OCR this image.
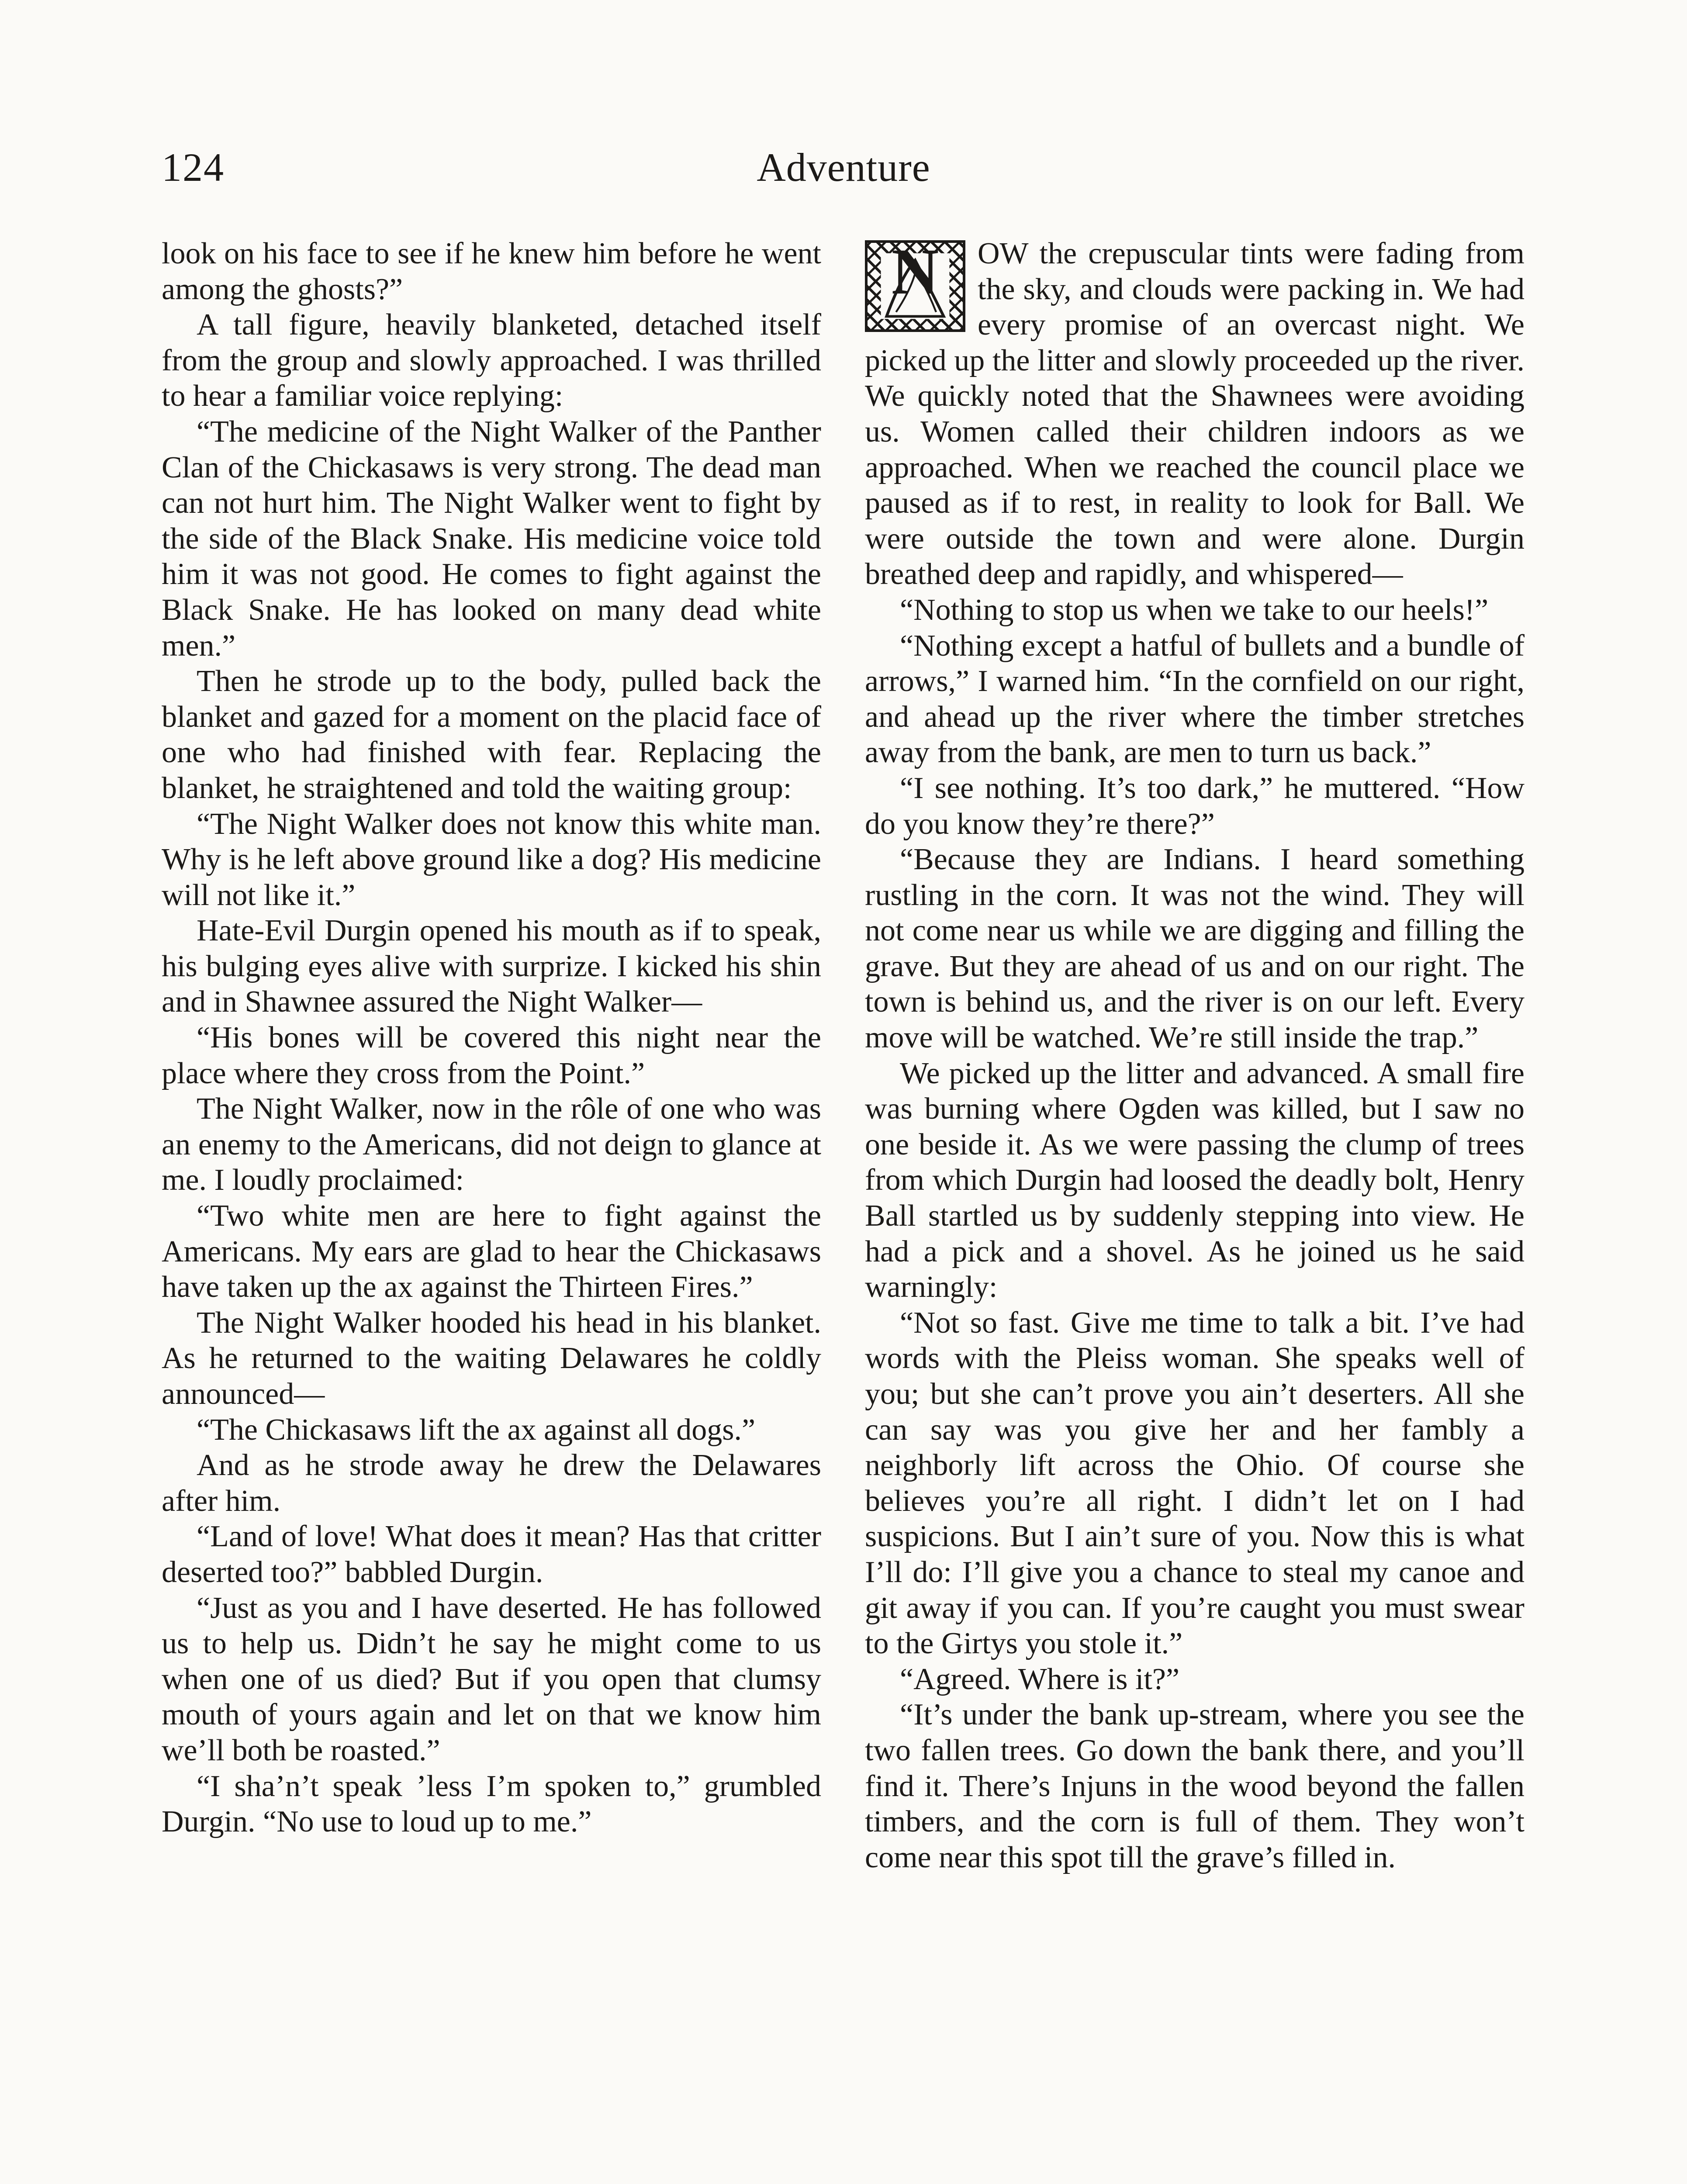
124	Adventure

look on his face to see if he knew him before he went among the ghosts?”

A tall figure, heavily blanketed, detached itself from the group and slowly approached. I was thrilled to hear a familiar voice replying:

“The medicine of the Night Walker of the Panther Clan of the Chickasaws is very strong. The dead man can not hurt him. The Night Walker went to fight by the side of the Black Snake. His medicine voice told him it was not good. He comes to fight against the Black Snake. He has looked on many dead white men.”

Then he strode up to the body, pulled back the blanket and gazed for a moment on the placid face of one who had finished with fear. Replacing the blanket, he straightened and told the waiting group:

“The Night Walker does not know this white man. Why is he left above ground like a dog? His medicine will not like it.”

Hate-Evil Durgin opened his mouth as if to speak, his bulging eyes alive with surprize. I kicked his shin and in Shawnee assured the Night Walker—

“His bones will be covered this night near the place where they cross from the Point.”

The Night Walker, now in the rôle of one who was an enemy to the Americans, did not deign to glance at me. I loudly proclaimed:

“Two white men are here to fight against the Americans. My ears are glad to hear the Chickasaws have taken up the ax against the Thirteen Fires.”

The Night Walker hooded his head in his blanket. As he returned to the waiting Delawares he coldly announced—

“The Chickasaws lift the ax against all dogs.”

And as he strode away he drew the Delawares after him.

“Land of love! What does it mean? Has that critter deserted too?” babbled Durgin.

“Just as you and I have deserted. He has followed us to help us. Didn’t he say he might come to us when one of us died? But if you open that clumsy mouth of yours again and let on that we know him we’ll both be roasted.”

“I sha’n’t speak ’less I’m spoken to,” grumbled Durgin. “No use to loud up to me.”

N	OW the crepuscular tints were fading from the sky, and clouds were packing in. We had every promise of an overcast night. We picked up the litter and slowly proceeded up the river. We quickly noted that the Shawnees were avoiding us. Women called their children indoors as we approached. When we reached the council place we paused as if to rest, in reality to look for Ball. We were outside the town and were alone. Durgin breathed deep and rapidly, and whispered—

“Nothing to stop us when we take to our heels!”

“Nothing except a hatful of bullets and a bundle of arrows,” I warned him. “In the cornfield on our right, and ahead up the river where the timber stretches away from the bank, are men to turn us back.”

“I see nothing. It’s too dark,” he muttered. “How do you know they’re there?”

“Because they are Indians. I heard something rustling in the corn. It was not the wind. They will not come near us while we are digging and filling the grave. But they are ahead of us and on our right. The town is behind us, and the river is on our left. Every move will be watched. We’re still inside the trap.”

We picked up the litter and advanced. A small fire was burning where Ogden was killed, but I saw no one beside it. As we were passing the clump of trees from which Durgin had loosed the deadly bolt, Henry Ball startled us by suddenly stepping into view. He had a pick and a shovel. As he joined us he said warningly:

“Not so fast. Give me time to talk a bit. I’ve had words with the Pleiss woman. She speaks well of you; but she can’t prove you ain’t deserters. All she can say was you give her and her fambly a neighborly lift across the Ohio. Of course she believes you’re all right. I didn’t let on I had suspicions. But I ain’t sure of you. Now this is what I’ll do: I’ll give you a chance to steal my canoe and git away if you can. If you’re caught you must swear to the Girtys you stole it.”

“Agreed. Where is it?”

“It’s under the bank up-stream, where you see the two fallen trees. Go down the bank there, and you’ll find it. There’s Injuns in the wood beyond the fallen timbers, and the corn is full of them. They won’t come near this spot till the grave’s filled in.
